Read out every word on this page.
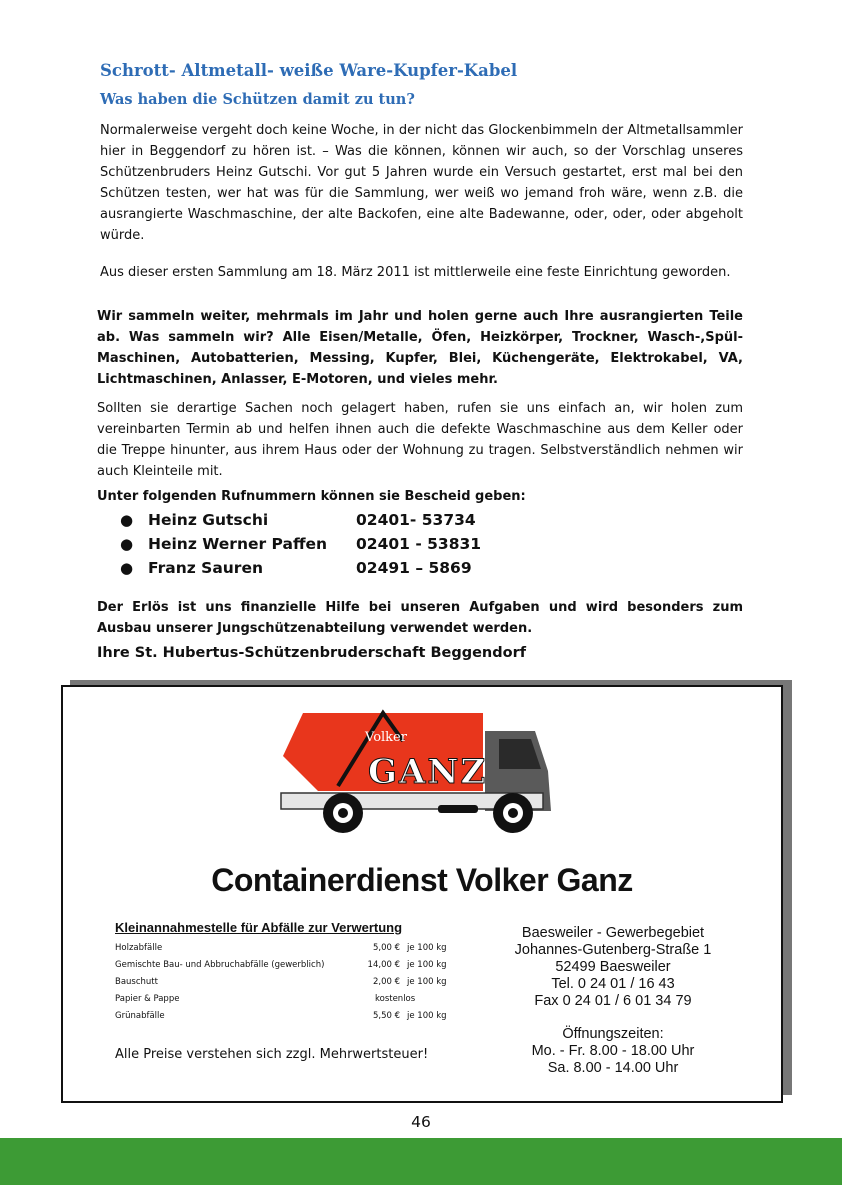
Schrott- Altmetall- weiße Ware-Kupfer-Kabel
Was haben die Schützen damit zu tun?

Normalerweise vergeht doch keine Woche, in der nicht das Glockenbimmeln der Altmetallsammler hier in Beggendorf zu hören ist. – Was die können, können wir auch, so der Vorschlag unseres Schützenbruders Heinz Gutschi. Vor gut 5 Jahren wurde ein Versuch gestartet, erst mal bei den Schützen testen, wer hat was für die Sammlung, wer weiß wo jemand froh wäre, wenn z.B. die ausrangierte Waschmaschine, der alte Backofen, eine alte Badewanne, oder, oder, oder abgeholt würde.

Aus dieser ersten Sammlung am 18. März 2011 ist mittlerweile eine feste Einrichtung geworden.

Wir sammeln weiter, mehrmals im Jahr und holen gerne auch Ihre ausrangierten Teile ab. Was sammeln wir? Alle Eisen/Metalle, Öfen, Heizkörper, Trockner, Wasch-,Spül-Maschinen, Autobatterien, Messing, Kupfer, Blei, Küchengeräte, Elektrokabel, VA, Lichtmaschinen, Anlasser, E-Motoren, und vieles mehr.

Sollten sie derartige Sachen noch gelagert haben, rufen sie uns einfach an, wir holen zum vereinbarten Termin ab und helfen ihnen auch die defekte Waschmaschine aus dem Keller oder die Treppe hinunter, aus ihrem Haus oder der Wohnung zu tragen. Selbstverständlich nehmen wir auch Kleinteile mit.

Unter folgenden Rufnummern können sie Bescheid geben:

● Heinz Gutschi	02401- 53734
● Heinz Werner Paffen 02401 - 53831
● Franz Sauren	02491 – 5869

Der Erlös ist uns finanzielle Hilfe bei unseren Aufgaben und wird besonders zum Ausbau unserer Jungschützenabteilung verwendet werden.

Ihre St. Hubertus-Schützenbruderschaft Beggendorf

Volker
GANZ
Containerdienst Volker Ganz

Kleinannahmestelle für Abfälle zur Verwertung

Holzabfälle	5,00 € je 100 kg
Gemischte Bau- und Abbruchabfälle (gewerblich)	14,00 € je 100 kg
Bauschutt	2,00 € je 100 kg
Papier & Pappe	kostenlos
Grünabfälle	5,50 € je 100 kg

Alle Preise verstehen sich zzgl. Mehrwertsteuer!

Baesweiler - Gewerbegebiet
Johannes-Gutenberg-Straße 1
52499 Baesweiler
Tel. 0 24 01 / 16 43
Fax 0 24 01 / 6 01 34 79
Öffnungszeiten:
Mo. - Fr. 8.00 - 18.00 Uhr
Sa. 8.00 - 14.00 Uhr

46
